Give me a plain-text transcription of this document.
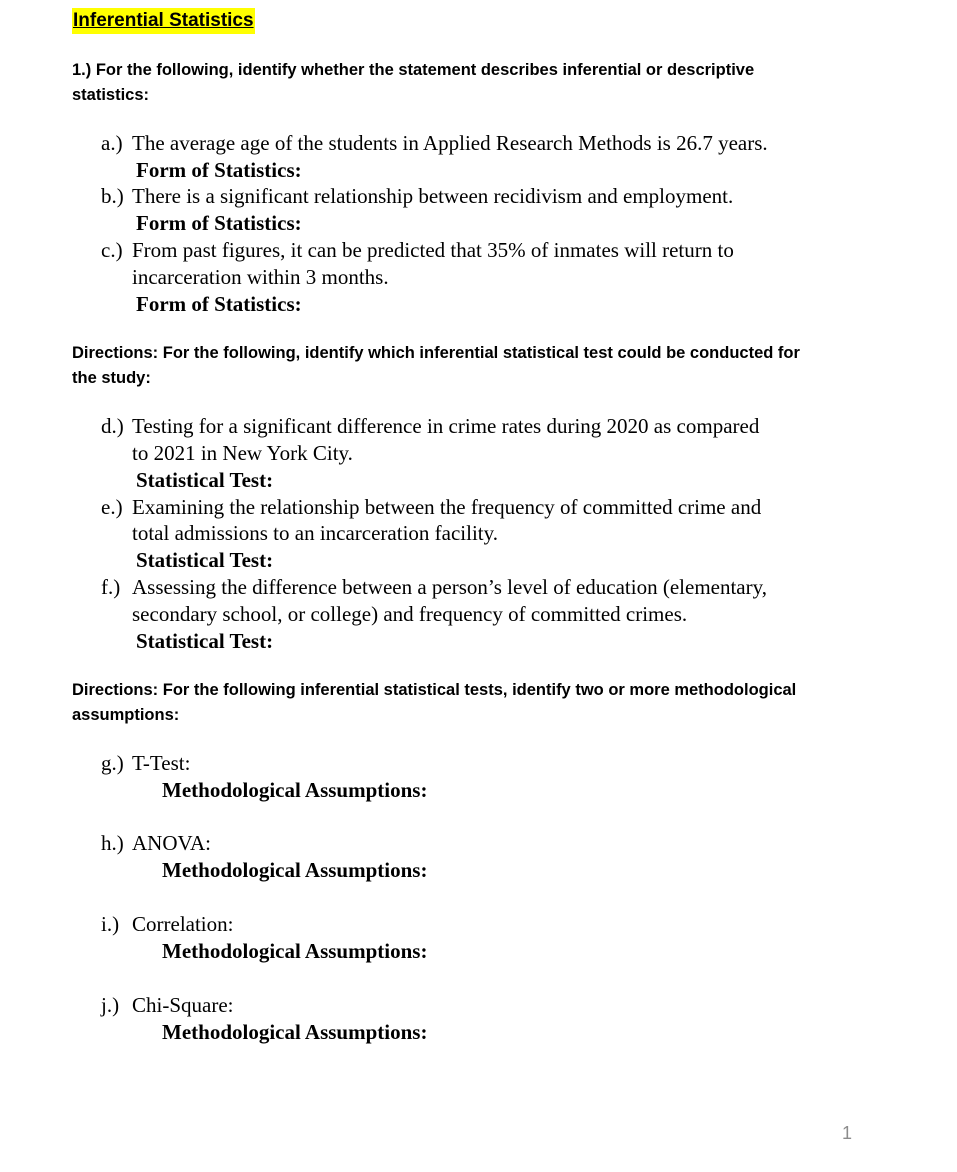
Inferential Statistics
1.) For the following, identify whether the statement describes inferential or descriptive
statistics:
a.) The average age of the students in Applied Research Methods is 26.7 years.
Form of Statistics:
b.) There is a significant relationship between recidivism and employment.
Form of Statistics:
c.) From past figures, it can be predicted that 35% of inmates will return to
incarceration within 3 months.
Form of Statistics:
Directions: For the following, identify which inferential statistical test could be conducted for
the study:
d.) Testing for a significant difference in crime rates during 2020 as compared
to 2021 in New York City.
Statistical Test:
e.) Examining the relationship between the frequency of committed crime and
total admissions to an incarceration facility.
Statistical Test:
f.) Assessing the difference between a person’s level of education (elementary,
secondary school, or college) and frequency of committed crimes.
Statistical Test:
Directions: For the following inferential statistical tests, identify two or more methodological
assumptions:
g.) T-Test:
Methodological Assumptions:
h.) ANOVA:
Methodological Assumptions:
i.) Correlation:
Methodological Assumptions:
j.) Chi-Square:
Methodological Assumptions:
1
